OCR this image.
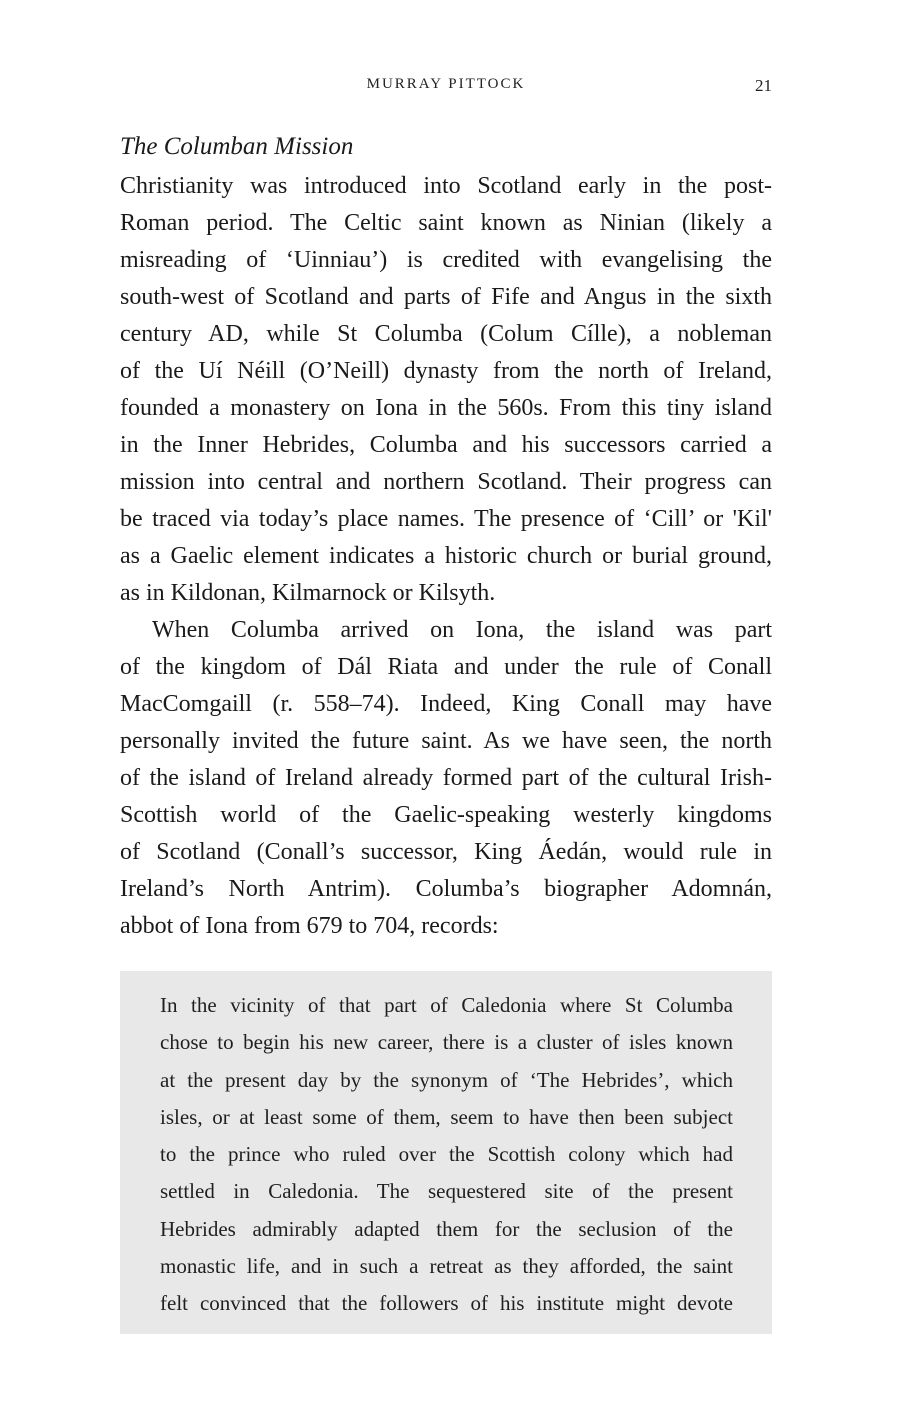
MURRAY PITTOCK	21
The Columban Mission
Christianity was introduced into Scotland early in the post-
Roman period. The Celtic saint known as Ninian (likely a
misreading of ‘Uinniau’) is credited with evangelising the
south-west of Scotland and parts of Fife and Angus in the sixth
century AD, while St Columba (Colum Cílle), a nobleman
of the Uí Néill (O’Neill) dynasty from the north of Ireland,
founded a monastery on Iona in the 560s. From this tiny island
in the Inner Hebrides, Columba and his successors carried a
mission into central and northern Scotland. Their progress can
be traced via today’s place names. The presence of ‘Cill’ or 'Kil'
as a Gaelic element indicates a historic church or burial ground,
as in Kildonan, Kilmarnock or Kilsyth.
When Columba arrived on Iona, the island was part
of the kingdom of Dál Riata and under the rule of Conall
MacComgaill (r. 558–74). Indeed, King Conall may have
personally invited the future saint. As we have seen, the north
of the island of Ireland already formed part of the cultural Irish-
Scottish world of the Gaelic-speaking westerly kingdoms
of Scotland (Conall’s successor, King Áedán, would rule in
Ireland’s North Antrim). Columba’s biographer Adomnán,
abbot of Iona from 679 to 704, records:
In the vicinity of that part of Caledonia where St Columba
chose to begin his new career, there is a cluster of isles known
at the present day by the synonym of ‘The Hebrides’, which
isles, or at least some of them, seem to have then been subject
to the prince who ruled over the Scottish colony which had
settled in Caledonia. The sequestered site of the present
Hebrides admirably adapted them for the seclusion of the
monastic life, and in such a retreat as they afforded, the saint
felt convinced that the followers of his institute might devote
